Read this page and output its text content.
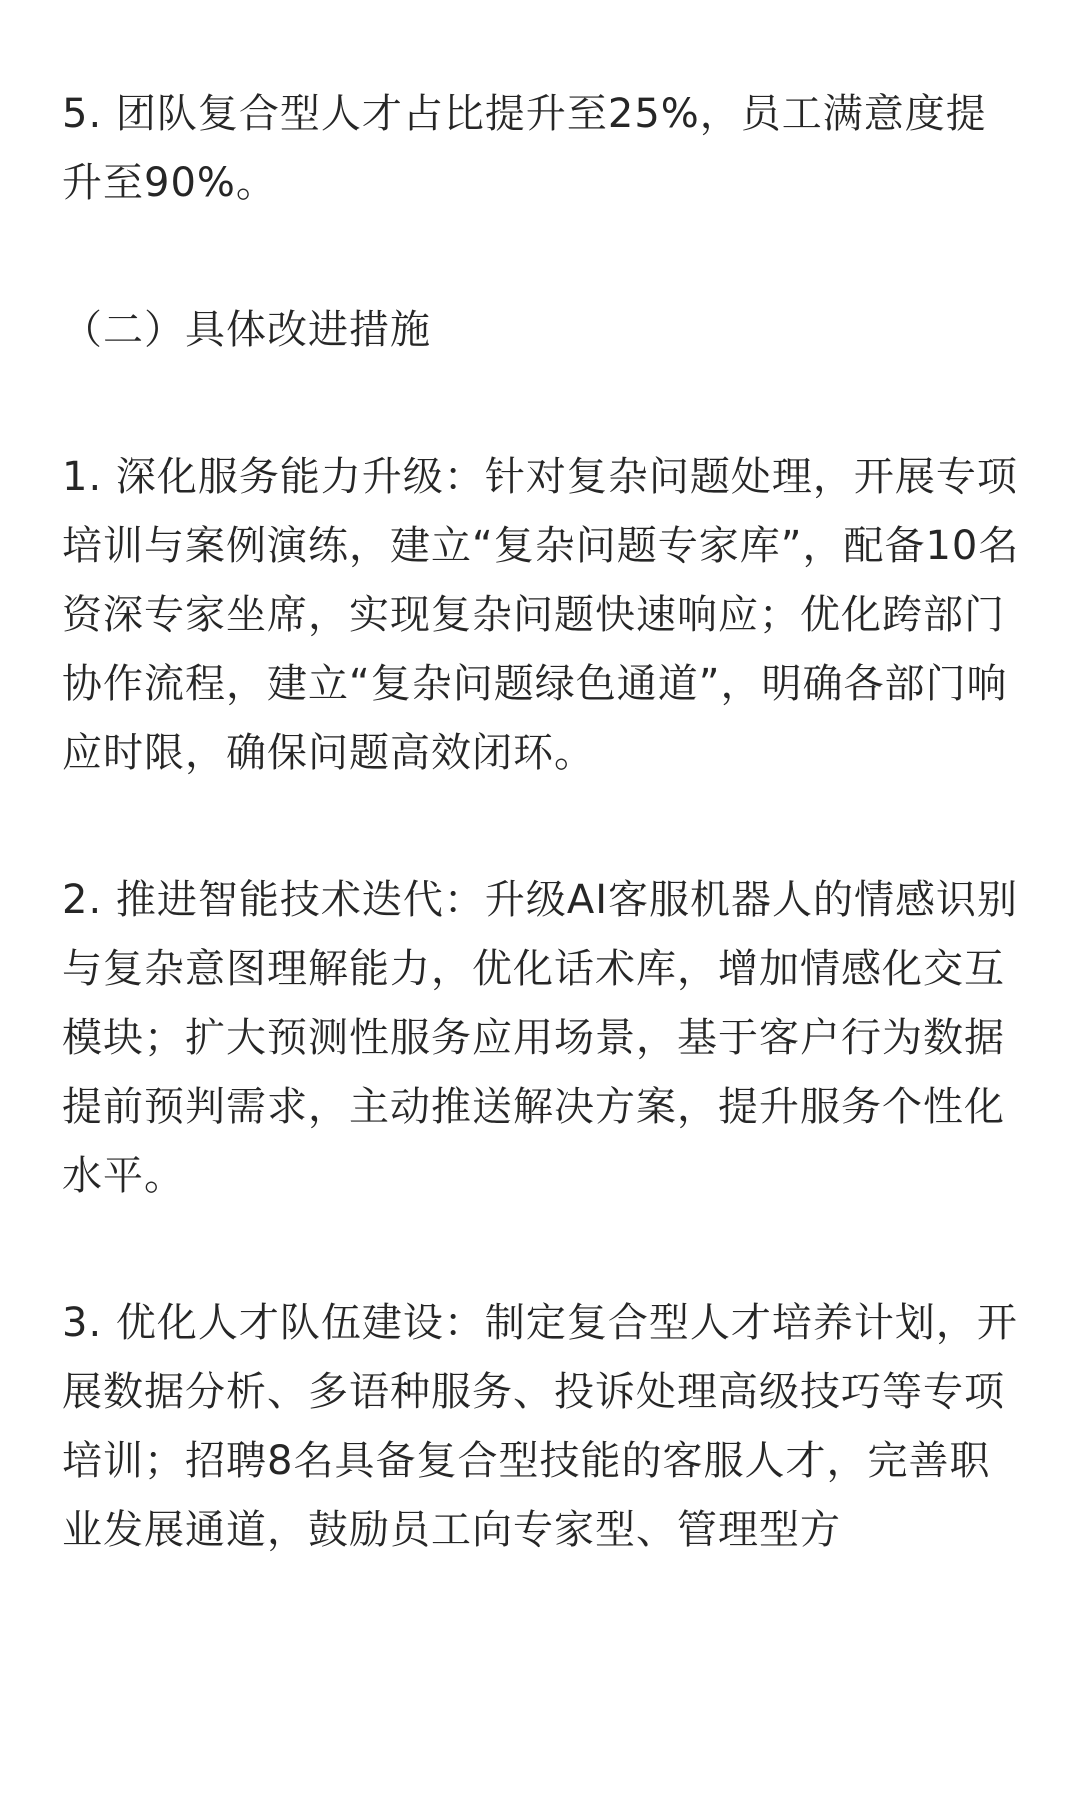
5. 团队复合型人才占比提升至25%，员工满意度提升至90%。

（二）具体改进措施

1. 深化服务能力升级：针对复杂问题处理，开展专项培训与案例演练，建立“复杂问题专家库”，配备10名资深专家坐席，实现复杂问题快速响应；优化跨部门协作流程，建立“复杂问题绿色通道”，明确各部门响应时限，确保问题高效闭环。

2. 推进智能技术迭代：升级AI客服机器人的情感识别与复杂意图理解能力，优化话术库，增加情感化交互模块；扩大预测性服务应用场景，基于客户行为数据提前预判需求，主动推送解决方案，提升服务个性化水平。

3. 优化人才队伍建设：制定复合型人才培养计划，开展数据分析、多语种服务、投诉处理高级技巧等专项培训；招聘8名具备复合型技能的客服人才，完善职业发展通道，鼓励员工向专家型、管理型方
